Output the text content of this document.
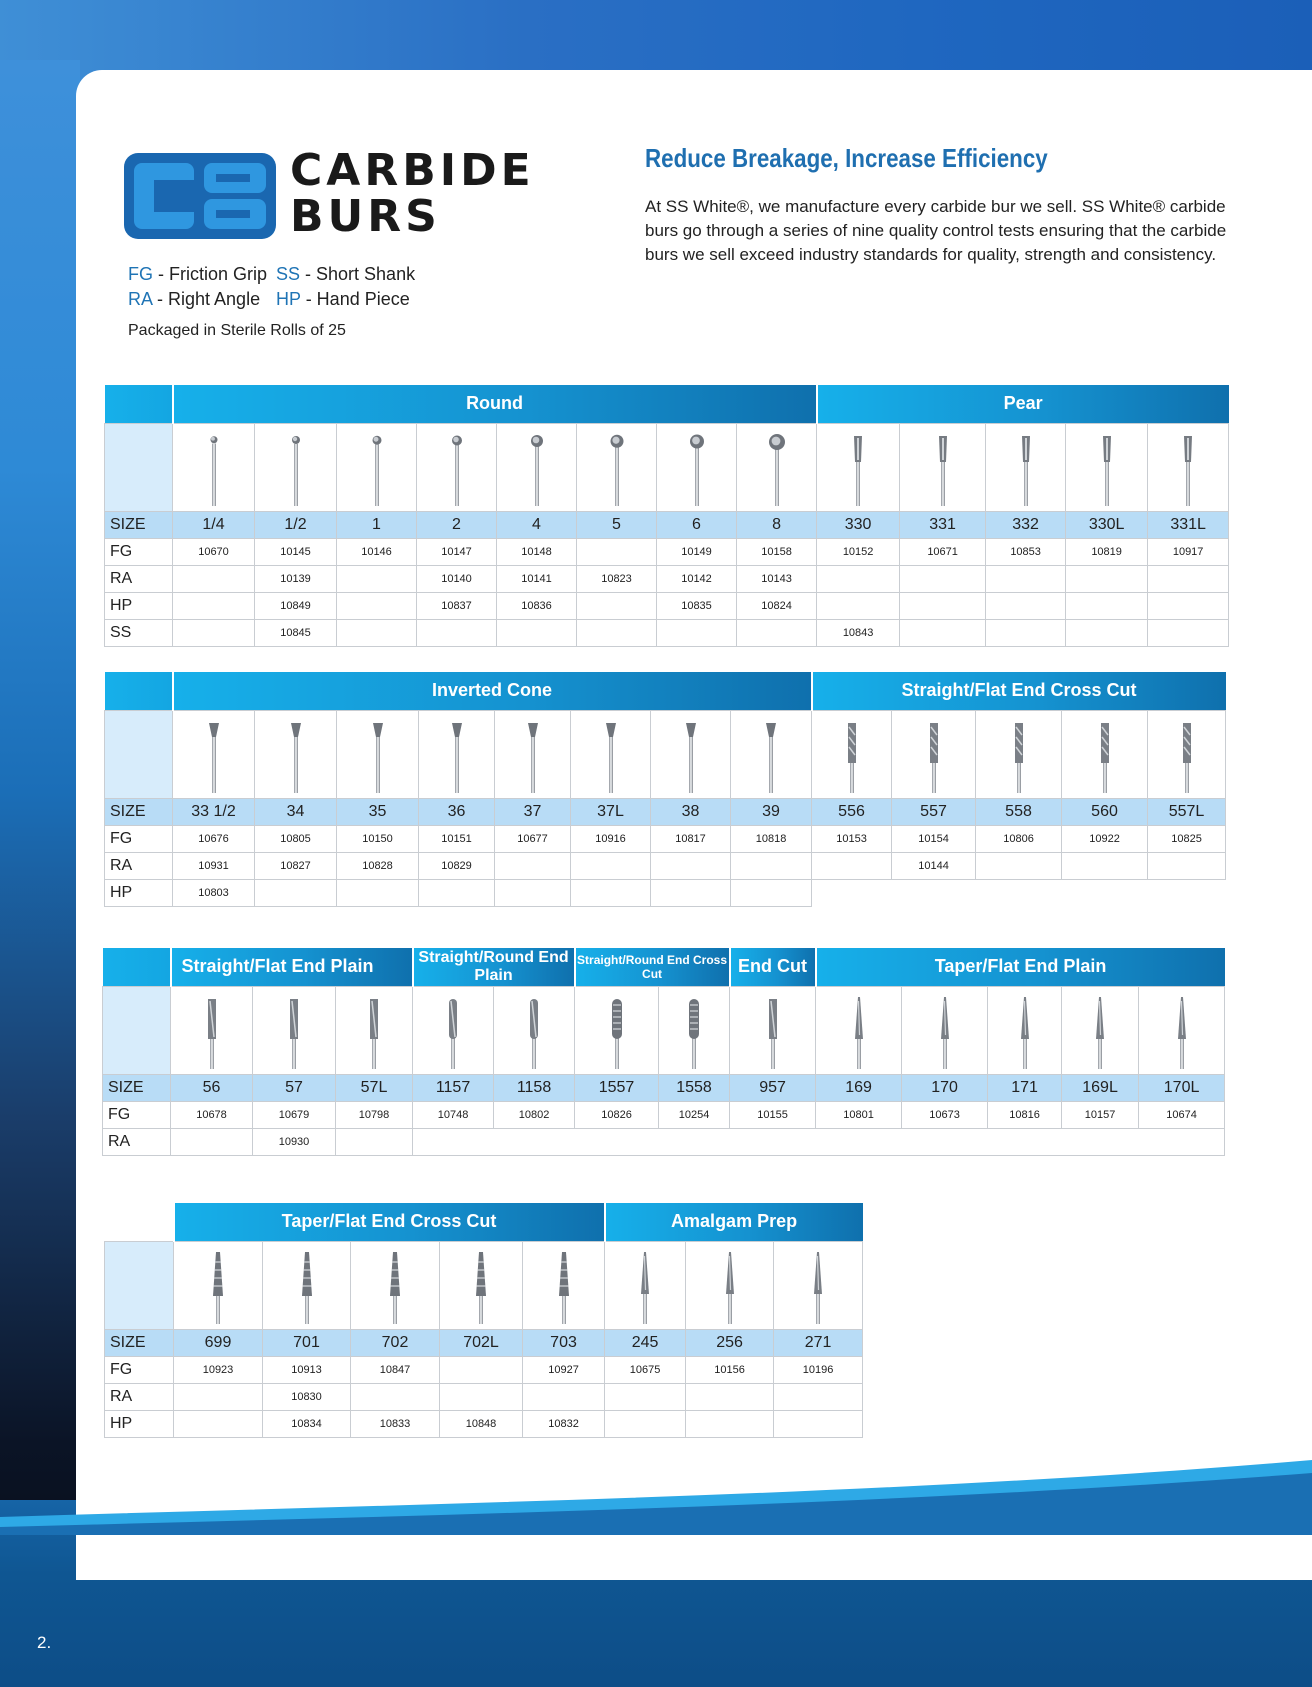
CARBIDE
BURS
FG - Friction Grip SS - Short Shank
RA - Right Angle HP - Hand Piece
Packaged in Sterile Rolls of 25
Reduce Breakage, Increase Efficiency
At SS White®, we manufacture every carbide bur we sell. SS White® carbide burs go through a series of nine quality control tests ensuring that the carbide burs we sell exceed industry standards for quality, strength and consistency.
	Round								Pear				

SIZE	1/4	1/2	1	2	4	5	6	8	330	331	332	330L	331L
FG	10670	10145	10146	10147	10148		10149	10158	10152	10671	10853	10819	10917
RA		10139		10140	10141	10823	10142	10143					
HP		10849		10837	10836		10835	10824					
SS		10845							10843				
	Inverted Cone								Straight/Flat End Cross Cut				

SIZE	33 1/2	34	35	36	37	37L	38	39	556	557	558	560	557L
FG	10676	10805	10150	10151	10677	10916	10817	10818	10153	10154	10806	10922	10825
RA	10931	10827	10828	10829						10144			
HP	10803												
	Straight/Flat End Plain			Straight/Round End Plain		Straight/Round End Cross Cut		End Cut	Taper/Flat End Plain				

SIZE	56	57	57L	1157	1158	1557	1558	957	169	170	171	169L	170L
FG	10678	10679	10798	10748	10802	10826	10254	10155	10801	10673	10816	10157	10674
RA		10930											
	Taper/Flat End Cross Cut					Amalgam Prep		

SIZE	699	701	702	702L	703	245	256	271
FG	10923	10913	10847		10927	10675	10156	10196
RA		10830						
HP		10834	10833	10848	10832			
2.
